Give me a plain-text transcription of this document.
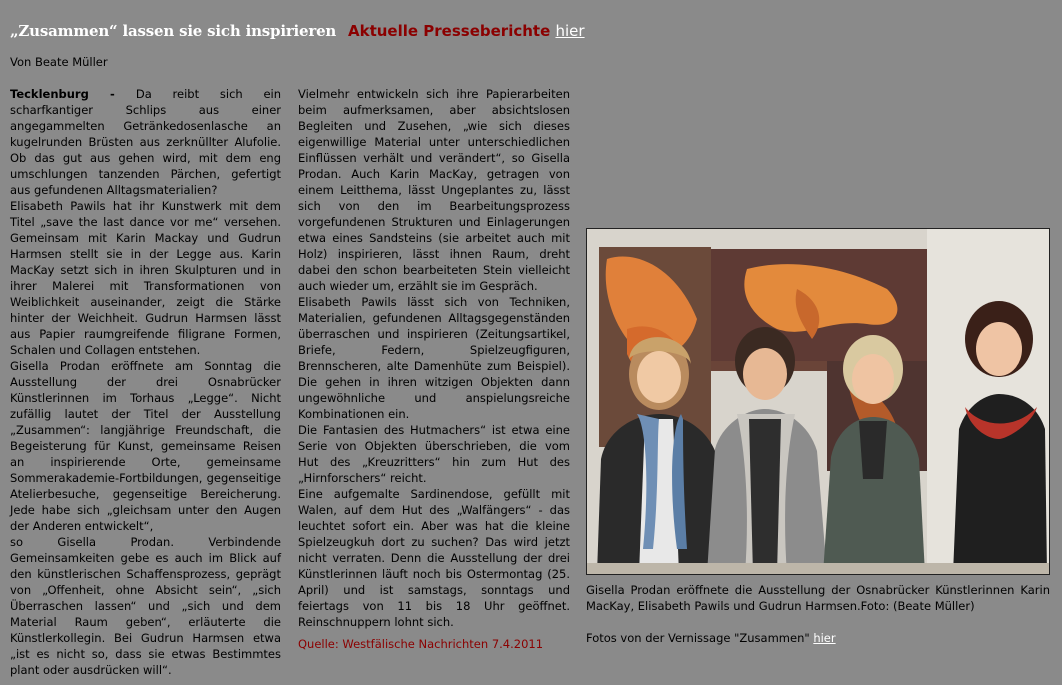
„Zusammen“ lassen sie sich inspirieren Aktuelle Presseberichte hier
Von Beate Müller

Tecklenburg - Da reibt sich ein scharfkantiger Schlips aus einer angegammelten Getränkedosenlasche an kugelrunden Brüsten aus zerknüllter Alufolie. Ob das gut aus gehen wird, mit dem eng umschlungen tanzenden Pärchen, gefertigt aus gefundenen Alltagsmaterialien?

Elisabeth Pawils hat ihr Kunstwerk mit dem Titel „save the last dance vor me“ versehen. Gemeinsam mit Karin Mackay und Gudrun Harmsen stellt sie in der Legge aus. Karin MacKay setzt sich in ihren Skulpturen und in ihrer Malerei mit Transformationen von Weiblichkeit auseinander, zeigt die Stärke hinter der Weichheit. Gudrun Harmsen lässt aus Papier raumgreifende filigrane Formen, Schalen und Collagen entstehen.

Gisella Prodan eröffnete am Sonntag die Ausstellung der drei Osnabrücker Künstlerinnen im Torhaus „Legge“. Nicht zufällig lautet der Titel der Ausstellung „Zusammen“: langjährige Freundschaft, die Begeisterung für Kunst, gemeinsame Reisen an inspirierende Orte, gemeinsame Sommerakademie-Fortbildungen, gegenseitige Atelierbesuche, gegenseitige Bereicherung. Jede habe sich „gleichsam unter den Augen der Anderen entwickelt“,

so Gisella Prodan. Verbindende Gemeinsamkeiten gebe es auch im Blick auf den künstlerischen Schaffensprozess, geprägt von „Offenheit, ohne Absicht sein“, „sich Überraschen lassen“ und „sich und dem Material Raum geben“, erläuterte die Künstlerkollegin. Bei Gudrun Harmsen etwa „ist es nicht so, dass sie etwas Bestimmtes plant oder ausdrücken will“.

Vielmehr entwickeln sich ihre Papierarbeiten beim aufmerksamen, aber absichtslosen Begleiten und Zusehen, „wie sich dieses eigenwillige Material unter unterschiedlichen Einflüssen verhält und verändert“, so Gisella Prodan. Auch Karin MacKay, getragen von einem Leitthema, lässt Ungeplantes zu, lässt sich von den im Bearbeitungsprozess vorgefundenen Strukturen und Einlagerungen etwa eines Sandsteins (sie arbeitet auch mit Holz) inspirieren, lässt ihnen Raum, dreht dabei den schon bearbeiteten Stein vielleicht auch wieder um, erzählt sie im Gespräch.

Elisabeth Pawils lässt sich von Techniken, Materialien, gefundenen Alltagsgegenständen überraschen und inspirieren (Zeitungsartikel, Briefe, Federn, Spielzeugfiguren, Brennscheren, alte Damenhüte zum Beispiel). Die gehen in ihren witzigen Objekten dann ungewöhnliche und anspielungsreiche Kombinationen ein.

Die Fantasien des Hutmachers“ ist etwa eine Serie von Objekten überschrieben, die vom Hut des „Kreuzritters“ hin zum Hut des „Hirnforschers“ reicht.

Eine aufgemalte Sardinendose, gefüllt mit Walen, auf dem Hut des „Walfängers“ - das leuchtet sofort ein. Aber was hat die kleine Spielzeugkuh dort zu suchen? Das wird jetzt nicht verraten. Denn die Ausstellung der drei Künstlerinnen läuft noch bis Ostermontag (25. April) und ist samstags, sonntags und feiertags von 11 bis 18 Uhr geöffnet. Reinschnuppern lohnt sich.

Quelle: Westfälische Nachrichten 7.4.2011

Gisella Prodan eröffnete die Ausstellung der Osnabrücker Künstlerinnen Karin MacKay, Elisabeth Pawils und Gudrun Harmsen.Foto: (Beate Müller)
Fotos von der Vernissage "Zusammen" hier
